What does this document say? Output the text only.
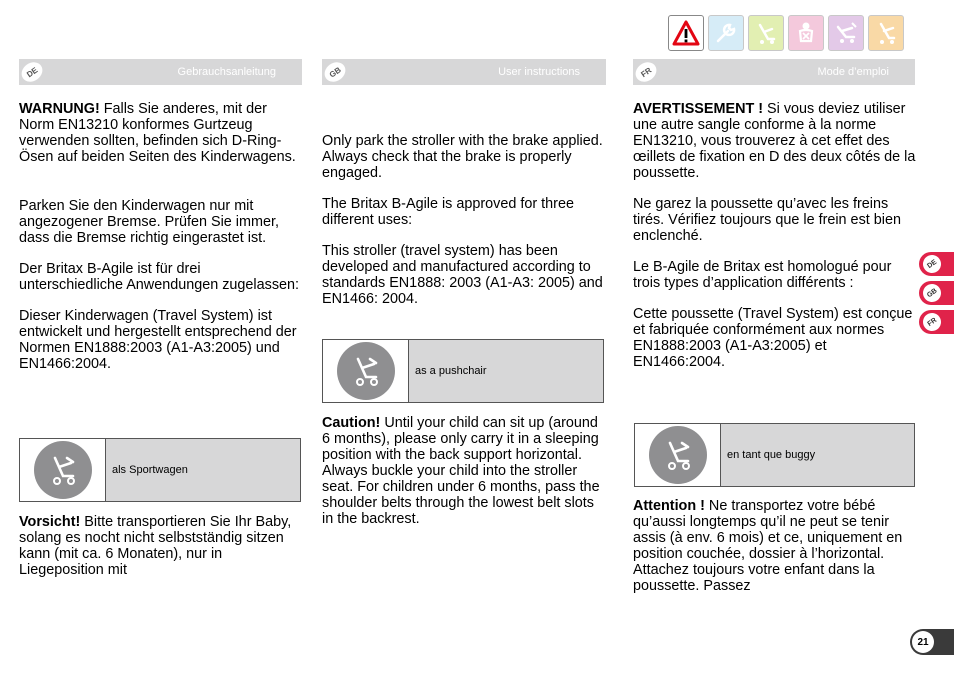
DE	Gebrauchsanleitung

WARNUNG! Falls Sie anderes, mit der Norm EN13210 konformes Gurtzeug verwenden sollten, befinden sich D-Ring-Ösen auf beiden Seiten des Kinderwagens.

Parken Sie den Kinderwagen nur mit angezogener Bremse. Prüfen Sie immer, dass die Bremse richtig eingerastet ist.

Der Britax B-Agile ist für drei unterschiedliche Anwendungen zugelassen:

Dieser Kinderwagen (Travel System) ist entwickelt und hergestellt entsprechend der Normen EN1888:2003 (A1-A3:2005) und EN1466:2004.

als Sportwagen

Vorsicht! Bitte transportieren Sie Ihr Baby, solang es nocht nicht selbstständig sitzen kann (mit ca. 6 Monaten), nur in Liegeposition mit

GB	User instructions

Only park the stroller with the brake applied. Always check that the brake is properly engaged.

The Britax B-Agile is approved for three different uses:

This stroller (travel system) has been developed and manufactured according to standards EN1888: 2003 (A1-A3: 2005) and EN1466: 2004.

as a pushchair

Caution! Until your child can sit up (around 6 months), please only carry it in a sleeping position with the back support horizontal. Always buckle your child into the stroller seat. For children under 6 months, pass the shoulder belts through the lowest belt slots in the backrest.

FR	Mode d’emploi

AVERTISSEMENT ! Si vous deviez utiliser une autre sangle conforme à la norme EN13210, vous trouverez à cet effet des œillets de fixation en D des deux côtés de la poussette.

Ne garez la poussette qu’avec les freins tirés. Vérifiez toujours que le frein est bien enclenché.

Le B-Agile de Britax est homologué pour trois types d’application différents :

Cette poussette (Travel System) est conçue et fabriquée conformément aux normes EN1888:2003 (A1-A3:2005) et EN1466:2004.

en tant que buggy

Attention ! Ne transportez votre bébé qu’aussi longtemps qu’il ne peut se tenir assis (à env. 6 mois) et ce, uniquement en position couchée, dossier à l’horizontal. Attachez toujours votre enfant dans la poussette. Passez

DE
GB
FR
21
